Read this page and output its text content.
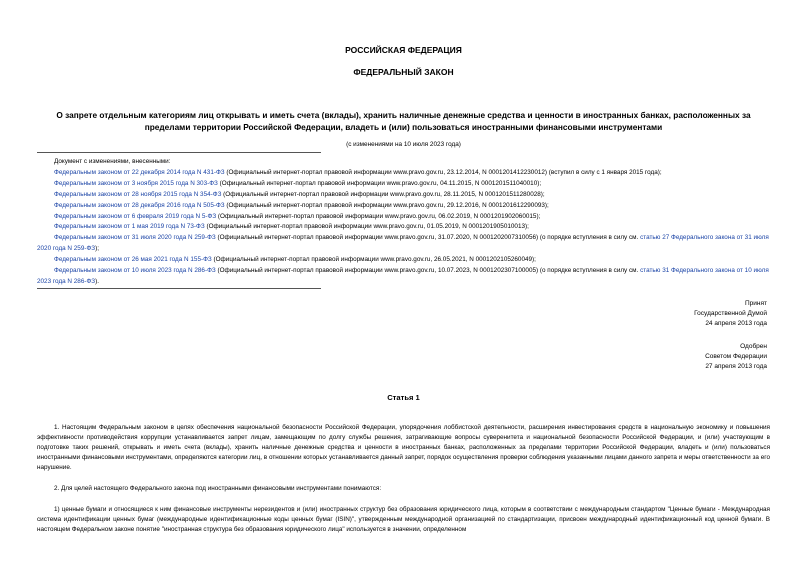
РОССИЙСКАЯ ФЕДЕРАЦИЯ
ФЕДЕРАЛЬНЫЙ ЗАКОН
О запрете отдельным категориям лиц открывать и иметь счета (вклады), хранить наличные денежные средства и ценности в иностранных банках, расположенных за пределами территории Российской Федерации, владеть и (или) пользоваться иностранными финансовыми инструментами
(с изменениями на 10 июля 2023 года)
Документ с изменениями, внесенными:
Федеральным законом от 22 декабря 2014 года N 431-ФЗ (Официальный интернет-портал правовой информации www.pravo.gov.ru, 23.12.2014, N 0001201412230012) (вступил в силу с 1 января 2015 года);
Федеральным законом от 3 ноября 2015 года N 303-ФЗ (Официальный интернет-портал правовой информации www.pravo.gov.ru, 04.11.2015, N 0001201511040010);
Федеральным законом от 28 ноября 2015 года N 354-ФЗ (Официальный интернет-портал правовой информации www.pravo.gov.ru, 28.11.2015, N 0001201511280028);
Федеральным законом от 28 декабря 2016 года N 505-ФЗ (Официальный интернет-портал правовой информации www.pravo.gov.ru, 29.12.2016, N 0001201612290093);
Федеральным законом от 6 февраля 2019 года N 5-ФЗ (Официальный интернет-портал правовой информации www.pravo.gov.ru, 06.02.2019, N 0001201902060015);
Федеральным законом от 1 мая 2019 года N 73-ФЗ (Официальный интернет-портал правовой информации www.pravo.gov.ru, 01.05.2019, N 0001201905010013);
Федеральным законом от 31 июля 2020 года N 259-ФЗ (Официальный интернет-портал правовой информации www.pravo.gov.ru, 31.07.2020, N 0001202007310056) (о порядке вступления в силу см. статью 27 Федерального закона от 31 июля 2020 года N 259-ФЗ);
Федеральным законом от 26 мая 2021 года N 155-ФЗ (Официальный интернет-портал правовой информации www.pravo.gov.ru, 26.05.2021, N 0001202105260049);
Федеральным законом от 10 июля 2023 года N 286-ФЗ (Официальный интернет-портал правовой информации www.pravo.gov.ru, 10.07.2023, N 0001202307100005) (о порядке вступления в силу см. статью 31 Федерального закона от 10 июля 2023 года N 286-ФЗ).
Принят
Государственной Думой
24 апреля 2013 года
Одобрен
Советом Федерации
27 апреля 2013 года
Статья 1
1. Настоящим Федеральным законом в целях обеспечения национальной безопасности Российской Федерации, упорядочения лоббистской деятельности, расширения инвестирования средств в национальную экономику и повышения эффективности противодействия коррупции устанавливается запрет лицам, замещающим по долгу службы решения, затрагивающие вопросы суверенитета и национальной безопасности Российской Федерации, и (или) участвующим в подготовке таких решений, открывать и иметь счета (вклады), хранить наличные денежные средства и ценности в иностранных банках, расположенных за пределами территории Российской Федерации, владеть и (или) пользоваться иностранными финансовыми инструментами, определяются категории лиц, в отношении которых устанавливается данный запрет, порядок осуществления проверки соблюдения указанными лицами данного запрета и меры ответственности за его нарушение.
2. Для целей настоящего Федерального закона под иностранными финансовыми инструментами понимаются:
1) ценные бумаги и относящиеся к ним финансовые инструменты нерезидентов и (или) иностранных структур без образования юридического лица, которым в соответствии с международным стандартом "Ценные бумаги - Международная система идентификации ценных бумаг (международные идентификационные коды ценных бумаг (ISIN)", утвержденным международной организацией по стандартизации, присвоен международный идентификационный код ценной бумаги. В настоящем Федеральном законе понятие "иностранная структура без образования юридического лица" используется в значении, определенном
